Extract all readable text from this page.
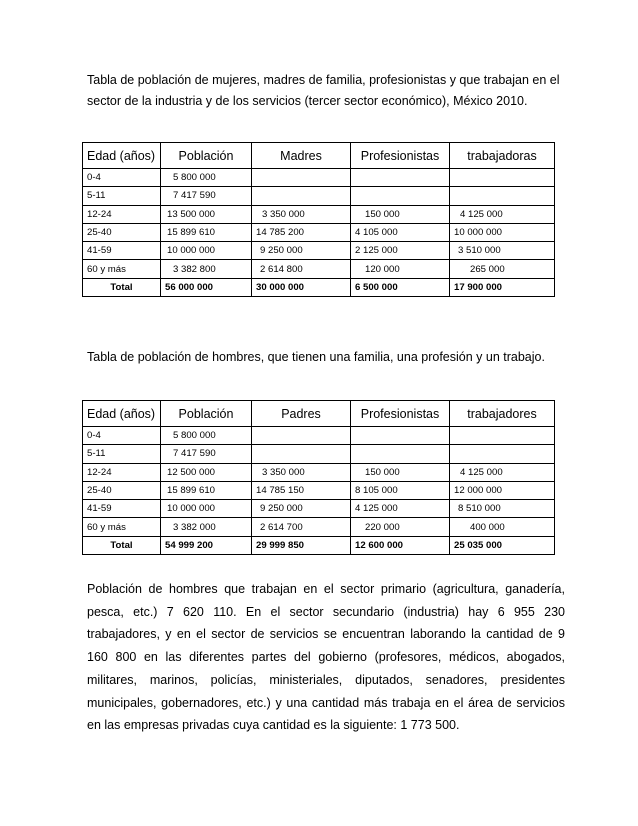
Tabla de población de mujeres, madres de familia, profesionistas y que trabajan en el sector de la industria y de los servicios (tercer sector económico), México 2010.
Edad (años)	Población	Madres	Profesionistas	trabajadoras
0-4	5 800 000			
5-11	7 417 590			
12-24	13 500 000	3 350 000	150 000	4 125 000
25-40	15 899 610	14 785 200	4 105 000	10 000 000
41-59	10 000 000	9 250 000	2 125 000	3 510 000
60 y más	3 382 800	2 614 800	120 000	265 000
Total	56 000 000	30 000 000	6 500 000	17 900 000
Tabla de población de hombres, que tienen una familia, una profesión y un trabajo.
Edad (años)	Población	Padres	Profesionistas	trabajadores
0-4	5 800 000			
5-11	7 417 590			
12-24	12 500 000	3 350 000	150 000	4 125 000
25-40	15 899 610	14 785 150	8 105 000	12 000 000
41-59	10 000 000	9 250 000	4 125 000	8 510 000
60 y más	3 382 000	2 614 700	220 000	400 000
Total	54 999 200	29 999 850	12 600 000	25 035 000
Población de hombres que trabajan en el sector primario (agricultura, ganadería, pesca, etc.) 7 620 110. En el sector secundario (industria) hay 6 955 230 trabajadores, y en el sector de servicios se encuentran laborando la cantidad de 9 160 800 en las diferentes partes del gobierno (profesores, médicos, abogados, militares, marinos, policías, ministeriales, diputados, senadores, presidentes municipales, gobernadores, etc.) y una cantidad más trabaja en el área de servicios en las empresas privadas cuya cantidad es la siguiente: 1 773 500.
